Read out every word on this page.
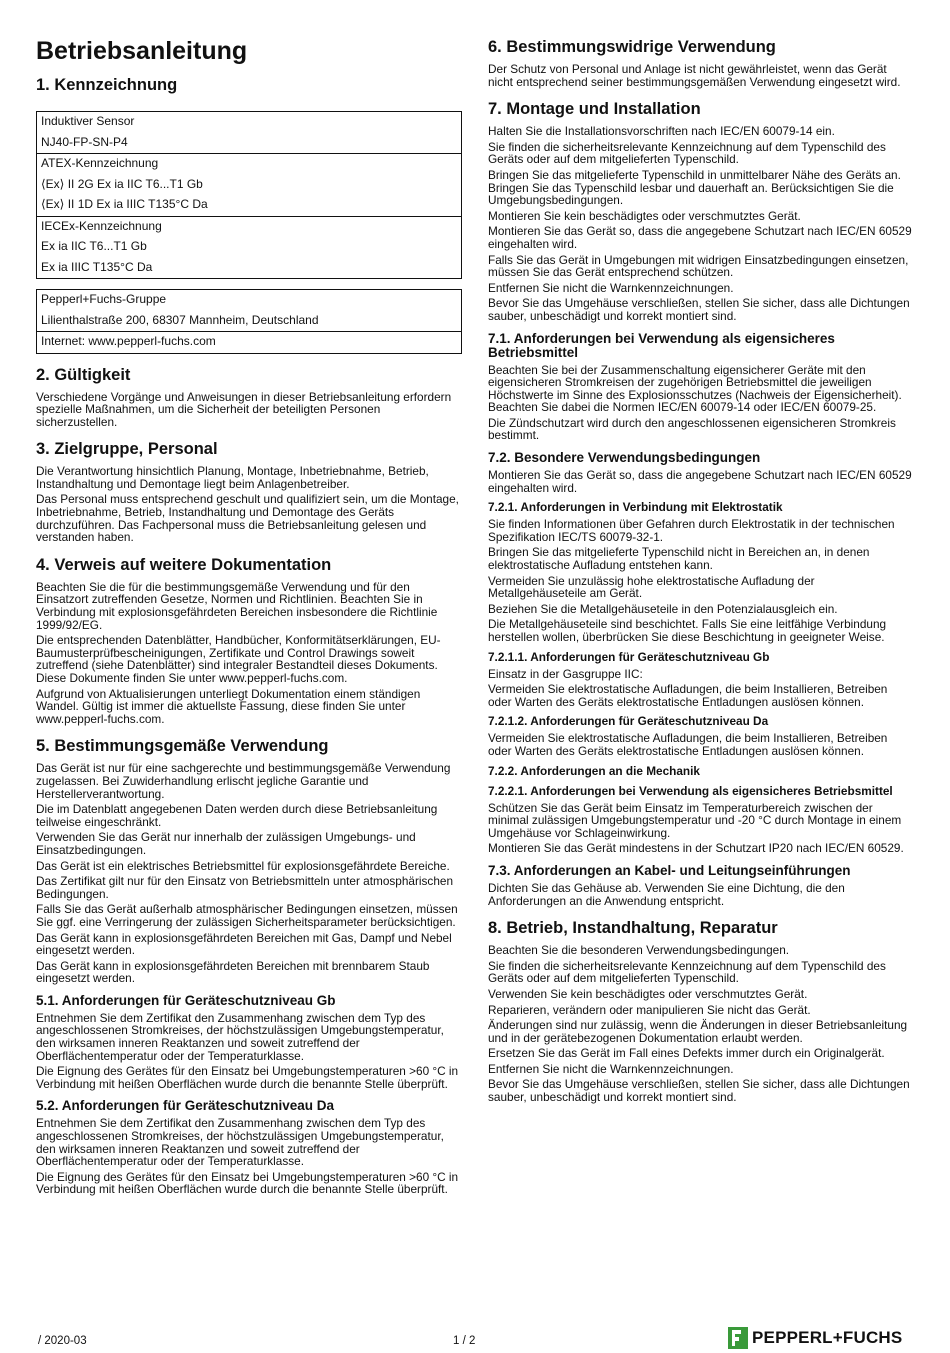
Betriebsanleitung
1. Kennzeichnung
Induktiver Sensor
NJ40-FP-SN-P4

ATEX-Kennzeichnung
⟨Ex⟩ II 2G Ex ia IIC T6...T1 Gb
⟨Ex⟩ II 1D Ex ia IIIC T135°C Da

IECEx-Kennzeichnung
Ex ia IIC T6...T1 Gb
Ex ia IIIC T135°C Da
Pepperl+Fuchs-Gruppe
Lilienthalstraße 200, 68307 Mannheim, Deutschland

Internet: www.pepperl-fuchs.com
2. Gültigkeit

Verschiedene Vorgänge und Anweisungen in dieser Betriebsanleitung erfordern spezielle Maßnahmen, um die Sicherheit der beteiligten Personen sicherzustellen.

3. Zielgruppe, Personal

Die Verantwortung hinsichtlich Planung, Montage, Inbetriebnahme, Betrieb, Instandhaltung und Demontage liegt beim Anlagenbetreiber.

Das Personal muss entsprechend geschult und qualifiziert sein, um die Montage, Inbetriebnahme, Betrieb, Instandhaltung und Demontage des Geräts durchzuführen. Das Fachpersonal muss die Betriebsanleitung gelesen und verstanden haben.

4. Verweis auf weitere Dokumentation

Beachten Sie die für die bestimmungsgemäße Verwendung und für den Einsatzort zutreffenden Gesetze, Normen und Richtlinien. Beachten Sie in Verbindung mit explosionsgefährdeten Bereichen insbesondere die Richtlinie 1999/92/EG.

Die entsprechenden Datenblätter, Handbücher, Konformitätserklärungen, EU-Baumusterprüfbescheinigungen, Zertifikate und Control Drawings soweit zutreffend (siehe Datenblätter) sind integraler Bestandteil dieses Dokuments. Diese Dokumente finden Sie unter www.pepperl-fuchs.com.

Aufgrund von Aktualisierungen unterliegt Dokumentation einem ständigen Wandel. Gültig ist immer die aktuellste Fassung, diese finden Sie unter www.pepperl-fuchs.com.

5. Bestimmungsgemäße Verwendung

Das Gerät ist nur für eine sachgerechte und bestimmungsgemäße Verwendung zugelassen. Bei Zuwiderhandlung erlischt jegliche Garantie und Herstellerverantwortung.

Die im Datenblatt angegebenen Daten werden durch diese Betriebsanleitung teilweise eingeschränkt.

Verwenden Sie das Gerät nur innerhalb der zulässigen Umgebungs- und Einsatzbedingungen.

Das Gerät ist ein elektrisches Betriebsmittel für explosionsgefährdete Bereiche.

Das Zertifikat gilt nur für den Einsatz von Betriebsmitteln unter atmosphärischen Bedingungen.

Falls Sie das Gerät außerhalb atmosphärischer Bedingungen einsetzen, müssen Sie ggf. eine Verringerung der zulässigen Sicherheitsparameter berücksichtigen.

Das Gerät kann in explosionsgefährdeten Bereichen mit Gas, Dampf und Nebel eingesetzt werden.

Das Gerät kann in explosionsgefährdeten Bereichen mit brennbarem Staub eingesetzt werden.

5.1. Anforderungen für Geräteschutzniveau Gb

Entnehmen Sie dem Zertifikat den Zusammenhang zwischen dem Typ des angeschlossenen Stromkreises, der höchstzulässigen Umgebungstemperatur, den wirksamen inneren Reaktanzen und soweit zutreffend der Oberflächentemperatur oder der Temperaturklasse.

Die Eignung des Gerätes für den Einsatz bei Umgebungstemperaturen >60 °C in Verbindung mit heißen Oberflächen wurde durch die benannte Stelle überprüft.

5.2. Anforderungen für Geräteschutzniveau Da

Entnehmen Sie dem Zertifikat den Zusammenhang zwischen dem Typ des angeschlossenen Stromkreises, der höchstzulässigen Umgebungstemperatur, den wirksamen inneren Reaktanzen und soweit zutreffend der Oberflächentemperatur oder der Temperaturklasse.

Die Eignung des Gerätes für den Einsatz bei Umgebungstemperaturen >60 °C in Verbindung mit heißen Oberflächen wurde durch die benannte Stelle überprüft.

6. Bestimmungswidrige Verwendung

Der Schutz von Personal und Anlage ist nicht gewährleistet, wenn das Gerät nicht entsprechend seiner bestimmungsgemäßen Verwendung eingesetzt wird.

7. Montage und Installation

Halten Sie die Installationsvorschriften nach IEC/EN 60079-14 ein.

Sie finden die sicherheitsrelevante Kennzeichnung auf dem Typenschild des Geräts oder auf dem mitgelieferten Typenschild.

Bringen Sie das mitgelieferte Typenschild in unmittelbarer Nähe des Geräts an. Bringen Sie das Typenschild lesbar und dauerhaft an. Berücksichtigen Sie die Umgebungsbedingungen.

Montieren Sie kein beschädigtes oder verschmutztes Gerät.

Montieren Sie das Gerät so, dass die angegebene Schutzart nach IEC/EN 60529 eingehalten wird.

Falls Sie das Gerät in Umgebungen mit widrigen Einsatzbedingungen einsetzen, müssen Sie das Gerät entsprechend schützen.

Entfernen Sie nicht die Warnkennzeichnungen.

Bevor Sie das Umgehäuse verschließen, stellen Sie sicher, dass alle Dichtungen sauber, unbeschädigt und korrekt montiert sind.

7.1. Anforderungen bei Verwendung als eigensicheres Betriebsmittel

Beachten Sie bei der Zusammenschaltung eigensicherer Geräte mit den eigensicheren Stromkreisen der zugehörigen Betriebsmittel die jeweiligen Höchstwerte im Sinne des Explosionsschutzes (Nachweis der Eigensicherheit). Beachten Sie dabei die Normen IEC/EN 60079-14 oder IEC/EN 60079-25.

Die Zündschutzart wird durch den angeschlossenen eigensicheren Stromkreis bestimmt.

7.2. Besondere Verwendungsbedingungen

Montieren Sie das Gerät so, dass die angegebene Schutzart nach IEC/EN 60529 eingehalten wird.

7.2.1. Anforderungen in Verbindung mit Elektrostatik

Sie finden Informationen über Gefahren durch Elektrostatik in der technischen Spezifikation IEC/TS 60079-32-1.

Bringen Sie das mitgelieferte Typenschild nicht in Bereichen an, in denen elektrostatische Aufladung entstehen kann.

Vermeiden Sie unzulässig hohe elektrostatische Aufladung der Metallgehäuseteile am Gerät.

Beziehen Sie die Metallgehäuseteile in den Potenzialausgleich ein.

Die Metallgehäuseteile sind beschichtet. Falls Sie eine leitfähige Verbindung herstellen wollen, überbrücken Sie diese Beschichtung in geeigneter Weise.

7.2.1.1. Anforderungen für Geräteschutzniveau Gb

Einsatz in der Gasgruppe IIC:

Vermeiden Sie elektrostatische Aufladungen, die beim Installieren, Betreiben oder Warten des Geräts elektrostatische Entladungen auslösen können.

7.2.1.2. Anforderungen für Geräteschutzniveau Da

Vermeiden Sie elektrostatische Aufladungen, die beim Installieren, Betreiben oder Warten des Geräts elektrostatische Entladungen auslösen können.

7.2.2. Anforderungen an die Mechanik
7.2.2.1. Anforderungen bei Verwendung als eigensicheres Betriebsmittel

Schützen Sie das Gerät beim Einsatz im Temperaturbereich zwischen der minimal zulässigen Umgebungstemperatur und -20 °C durch Montage in einem Umgehäuse vor Schlageinwirkung.

Montieren Sie das Gerät mindestens in der Schutzart IP20 nach IEC/EN 60529.

7.3. Anforderungen an Kabel- und Leitungseinführungen

Dichten Sie das Gehäuse ab. Verwenden Sie eine Dichtung, die den Anforderungen an die Anwendung entspricht.

8. Betrieb, Instandhaltung, Reparatur

Beachten Sie die besonderen Verwendungsbedingungen.

Sie finden die sicherheitsrelevante Kennzeichnung auf dem Typenschild des Geräts oder auf dem mitgelieferten Typenschild.

Verwenden Sie kein beschädigtes oder verschmutztes Gerät.

Reparieren, verändern oder manipulieren Sie nicht das Gerät.

Änderungen sind nur zulässig, wenn die Änderungen in dieser Betriebsanleitung und in der gerätebezogenen Dokumentation erlaubt werden.

Ersetzen Sie das Gerät im Fall eines Defekts immer durch ein Originalgerät.

Entfernen Sie nicht die Warnkennzeichnungen.

Bevor Sie das Umgehäuse verschließen, stellen Sie sicher, dass alle Dichtungen sauber, unbeschädigt und korrekt montiert sind.

/ 2020-03	1 / 2	PEPPERL+FUCHS
